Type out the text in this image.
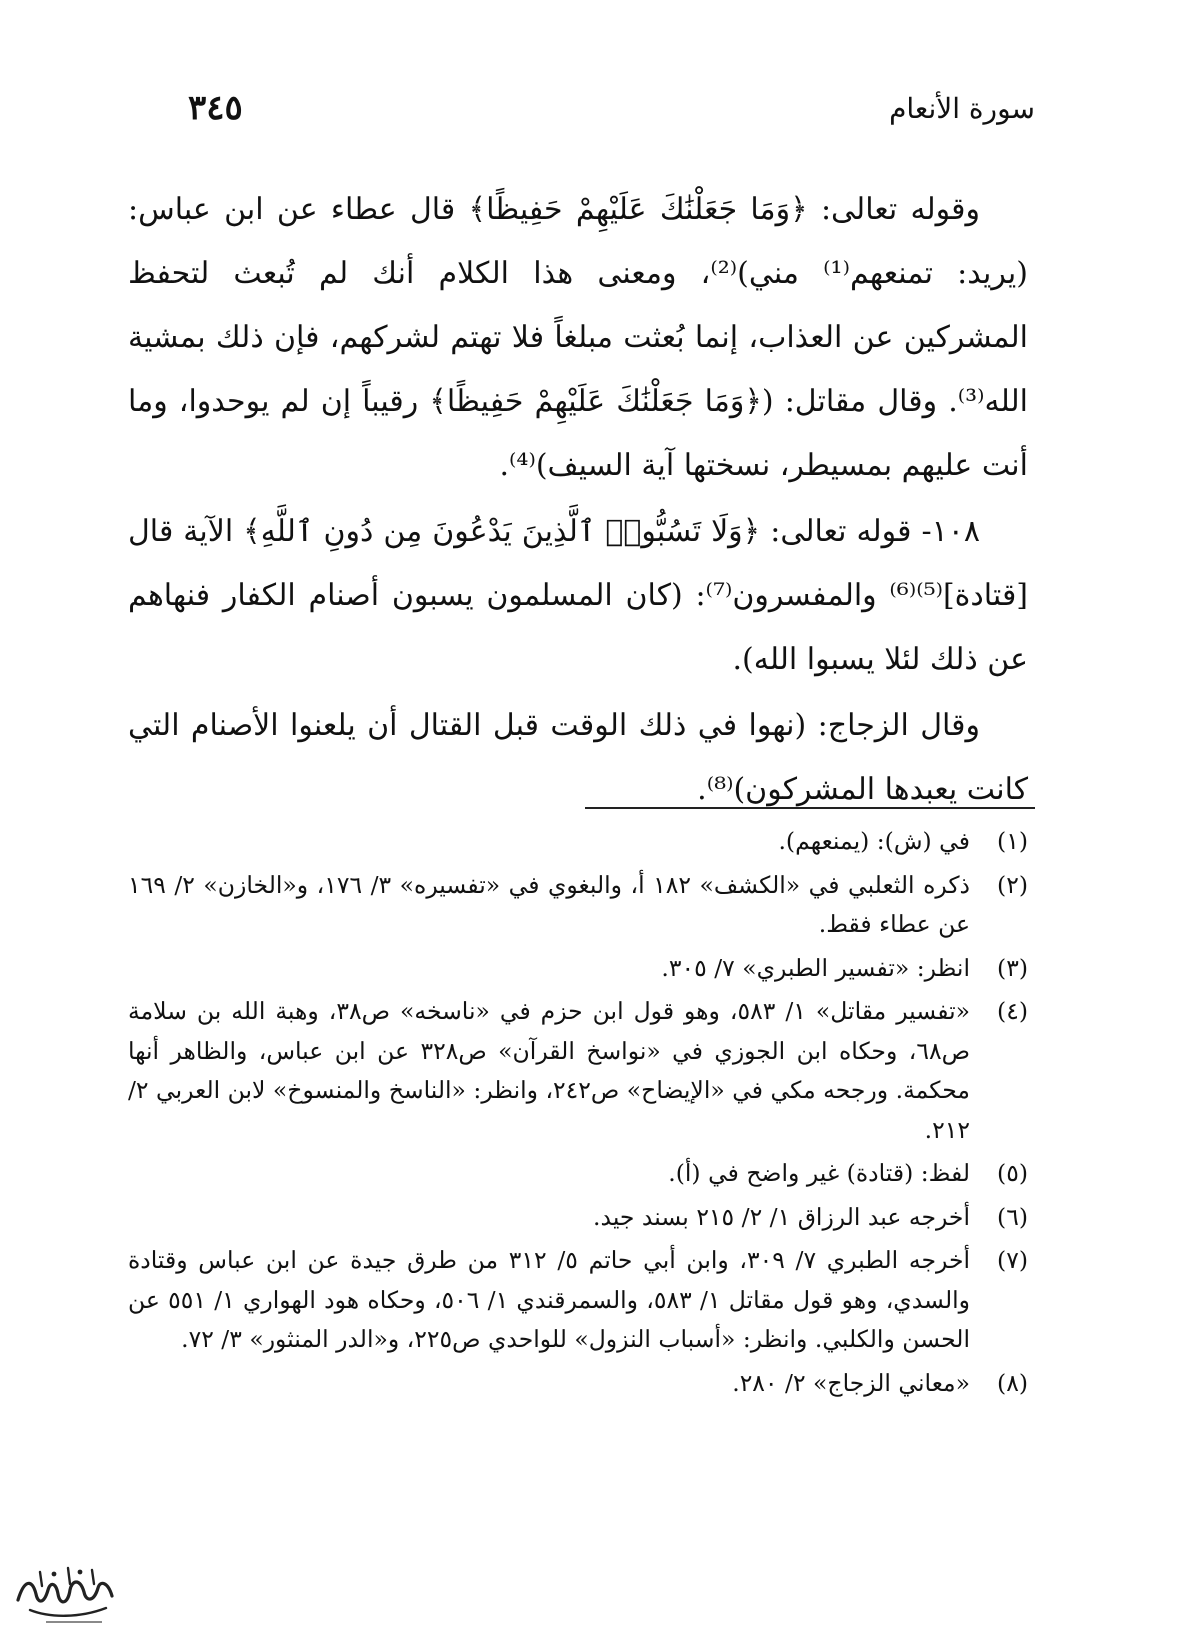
سورة الأنعام
٣٤٥

وقوله تعالى: ﴿وَمَا جَعَلْنَٰكَ عَلَيْهِمْ حَفِيظًا﴾ قال عطاء عن ابن عباس: (يريد: تمنعهم⁽¹⁾ مني)⁽²⁾، ومعنى هذا الكلام أنك لم تُبعث لتحفظ المشركين عن العذاب، إنما بُعثت مبلغاً فلا تهتم لشركهم، فإن ذلك بمشية الله⁽³⁾. وقال مقاتل: (﴿وَمَا جَعَلْنَٰكَ عَلَيْهِمْ حَفِيظًا﴾ رقيباً إن لم يوحدوا، وما أنت عليهم بمسيطر، نسختها آية السيف)⁽⁴⁾.

١٠٨- قوله تعالى: ﴿وَلَا تَسُبُّوا۟ ٱلَّذِينَ يَدْعُونَ مِن دُونِ ٱللَّهِ﴾ الآية قال [قتادة]⁽⁵⁾⁽⁶⁾ والمفسرون⁽⁷⁾: (كان المسلمون يسبون أصنام الكفار فنهاهم عن ذلك لئلا يسبوا الله).

وقال الزجاج: (نهوا في ذلك الوقت قبل القتال أن يلعنوا الأصنام التي كانت يعبدها المشركون)⁽⁸⁾.

(١)
في (ش): (يمنعهم).
(٢)
ذكره الثعلبي في «الكشف» ١٨٢ أ، والبغوي في «تفسيره» ٣/ ١٧٦، و«الخازن» ٢/ ١٦٩ عن عطاء فقط.
(٣)
انظر: «تفسير الطبري» ٧/ ٣٠٥.
(٤)
«تفسير مقاتل» ١/ ٥٨٣، وهو قول ابن حزم في «ناسخه» ص٣٨، وهبة الله بن سلامة ص٦٨، وحكاه ابن الجوزي في «نواسخ القرآن» ص٣٢٨ عن ابن عباس، والظاهر أنها محكمة. ورجحه مكي في «الإيضاح» ص٢٤٢، وانظر: «الناسخ والمنسوخ» لابن العربي ٢/ ٢١٢.
(٥)
لفظ: (قتادة) غير واضح في (أ).
(٦)
أخرجه عبد الرزاق ١/ ٢/ ٢١٥ بسند جيد.
(٧)
أخرجه الطبري ٧/ ٣٠٩، وابن أبي حاتم ٥/ ٣١٢ من طرق جيدة عن ابن عباس وقتادة والسدي، وهو قول مقاتل ١/ ٥٨٣، والسمرقندي ١/ ٥٠٦، وحكاه هود الهواري ١/ ٥٥١ عن الحسن والكلبي. وانظر: «أسباب النزول» للواحدي ص٢٢٥، و«الدر المنثور» ٣/ ٧٢.
(٨)
«معاني الزجاج» ٢/ ٢٨٠.
